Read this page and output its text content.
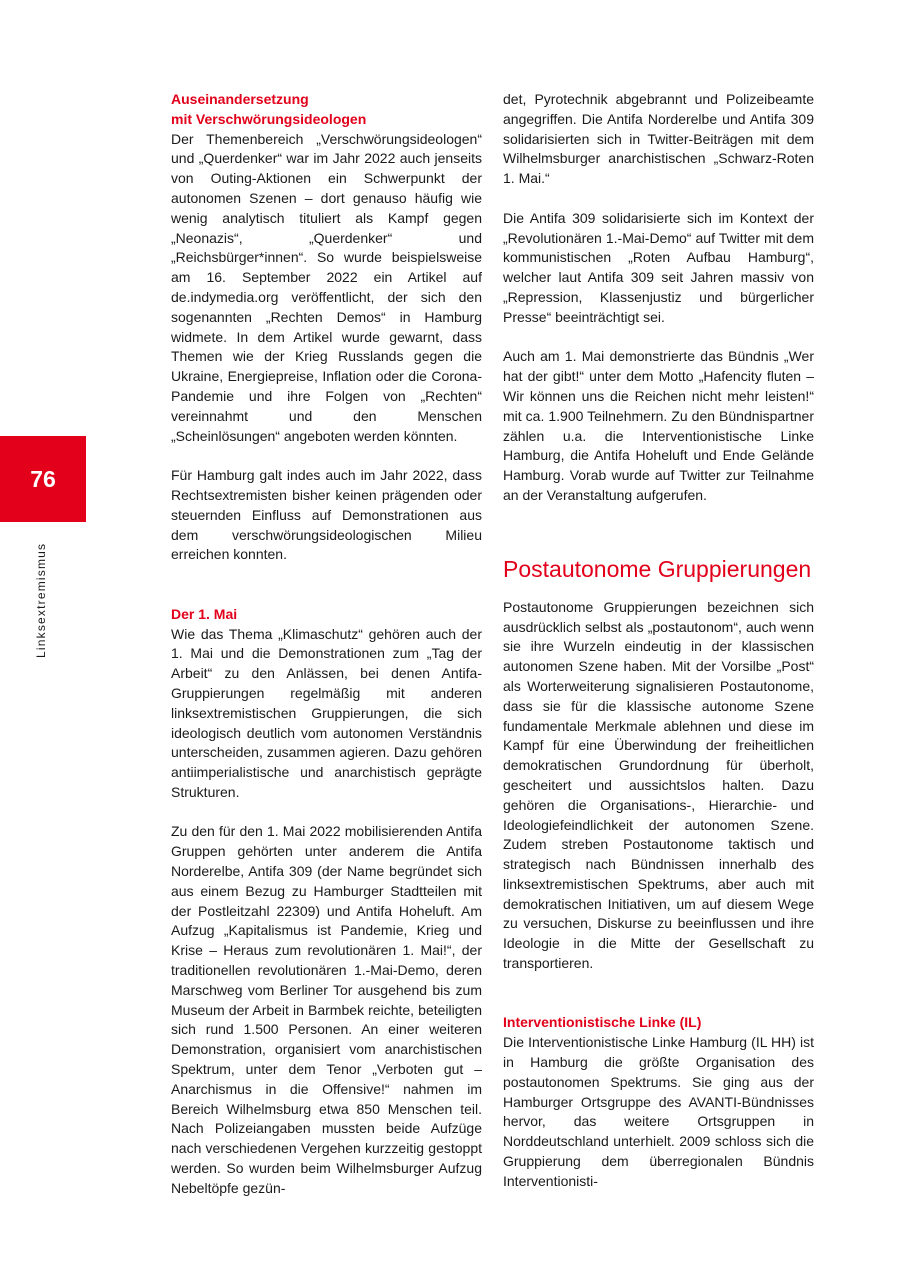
76
Linksextremismus
Auseinandersetzung
mit Verschwörungsideologen

Der Themenbereich „Verschwörungsideologen“ und „Querdenker“ war im Jahr 2022 auch jenseits von Outing-Aktionen ein Schwerpunkt der autonomen Szenen – dort genauso häufig wie wenig analytisch tituliert als Kampf gegen „Neonazis“, „Querdenker“ und „Reichsbürger*innen“. So wurde beispielsweise am 16. September 2022 ein Artikel auf de.indymedia.org veröffentlicht, der sich den sogenannten „Rechten Demos“ in Hamburg widmete. In dem Artikel wurde gewarnt, dass Themen wie der Krieg Russlands gegen die Ukraine, Energiepreise, Inflation oder die Corona-Pandemie und ihre Folgen von „Rechten“ vereinnahmt und den Menschen „Scheinlösungen“ angeboten werden könnten.

Für Hamburg galt indes auch im Jahr 2022, dass Rechtsextremisten bisher keinen prägenden oder steuernden Einfluss auf Demonstrationen aus dem verschwörungsideologischen Milieu erreichen konnten.

Der 1. Mai

Wie das Thema „Klimaschutz“ gehören auch der 1. Mai und die Demonstrationen zum „Tag der Arbeit“ zu den Anlässen, bei denen Antifa-Gruppierungen regelmäßig mit anderen linksextremistischen Gruppierungen, die sich ideologisch deutlich vom autonomen Verständnis unterscheiden, zusammen agieren. Dazu gehören antiimperialistische und anarchistisch geprägte Strukturen.

Zu den für den 1. Mai 2022 mobilisierenden Antifa Gruppen gehörten unter anderem die Antifa Norderelbe, Antifa 309 (der Name begründet sich aus einem Bezug zu Hamburger Stadtteilen mit der Postleitzahl 22309) und Antifa Hoheluft. Am Aufzug „Kapitalismus ist Pandemie, Krieg und Krise – Heraus zum revolutionären 1. Mai!“, der traditionellen revolutionären 1.-Mai-Demo, deren Marschweg vom Berliner Tor ausgehend bis zum Museum der Arbeit in Barmbek reichte, beteiligten sich rund 1.500 Personen. An einer weiteren Demonstration, organisiert vom anarchistischen Spektrum, unter dem Tenor „Verboten gut – Anarchismus in die Offensive!“ nahmen im Bereich Wilhelmsburg etwa 850 Menschen teil. Nach Polizeiangaben mussten beide Aufzüge nach verschiedenen Vergehen kurzzeitig gestoppt werden. So wurden beim Wilhelmsburger Aufzug Nebeltöpfe gezün-

det, Pyrotechnik abgebrannt und Polizeibeamte angegriffen. Die Antifa Norderelbe und Antifa 309 solidarisierten sich in Twitter-Beiträgen mit dem Wilhelmsburger anarchistischen „Schwarz-Roten 1. Mai.“

Die Antifa 309 solidarisierte sich im Kontext der „Revolutionären 1.-Mai-Demo“ auf Twitter mit dem kommunistischen „Roten Aufbau Hamburg“, welcher laut Antifa 309 seit Jahren massiv von „Repression, Klassenjustiz und bürgerlicher Presse“ beeinträchtigt sei.

Auch am 1. Mai demonstrierte das Bündnis „Wer hat der gibt!“ unter dem Motto „Hafencity fluten – Wir können uns die Reichen nicht mehr leisten!“ mit ca. 1.900 Teilnehmern. Zu den Bündnispartner zählen u.a. die Interventionistische Linke Hamburg, die Antifa Hoheluft und Ende Gelände Hamburg. Vorab wurde auf Twitter zur Teilnahme an der Veranstaltung aufgerufen.

Postautonome Gruppierungen

Postautonome Gruppierungen bezeichnen sich ausdrücklich selbst als „postautonom“, auch wenn sie ihre Wurzeln eindeutig in der klassischen autonomen Szene haben. Mit der Vorsilbe „Post“ als Worterweiterung signalisieren Postautonome, dass sie für die klassische autonome Szene fundamentale Merkmale ablehnen und diese im Kampf für eine Überwindung der freiheitlichen demokratischen Grundordnung für überholt, gescheitert und aussichtslos halten. Dazu gehören die Organisations-, Hierarchie- und Ideologiefeindlichkeit der autonomen Szene. Zudem streben Postautonome taktisch und strategisch nach Bündnissen innerhalb des linksextremistischen Spektrums, aber auch mit demokratischen Initiativen, um auf diesem Wege zu versuchen, Diskurse zu beeinflussen und ihre Ideologie in die Mitte der Gesellschaft zu transportieren.

Interventionistische Linke (IL)

Die Interventionistische Linke Hamburg (IL HH) ist in Hamburg die größte Organisation des postautonomen Spektrums. Sie ging aus der Hamburger Ortsgruppe des AVANTI-Bündnisses hervor, das weitere Ortsgruppen in Norddeutschland unterhielt. 2009 schloss sich die Gruppierung dem überregionalen Bündnis Interventionisti-
